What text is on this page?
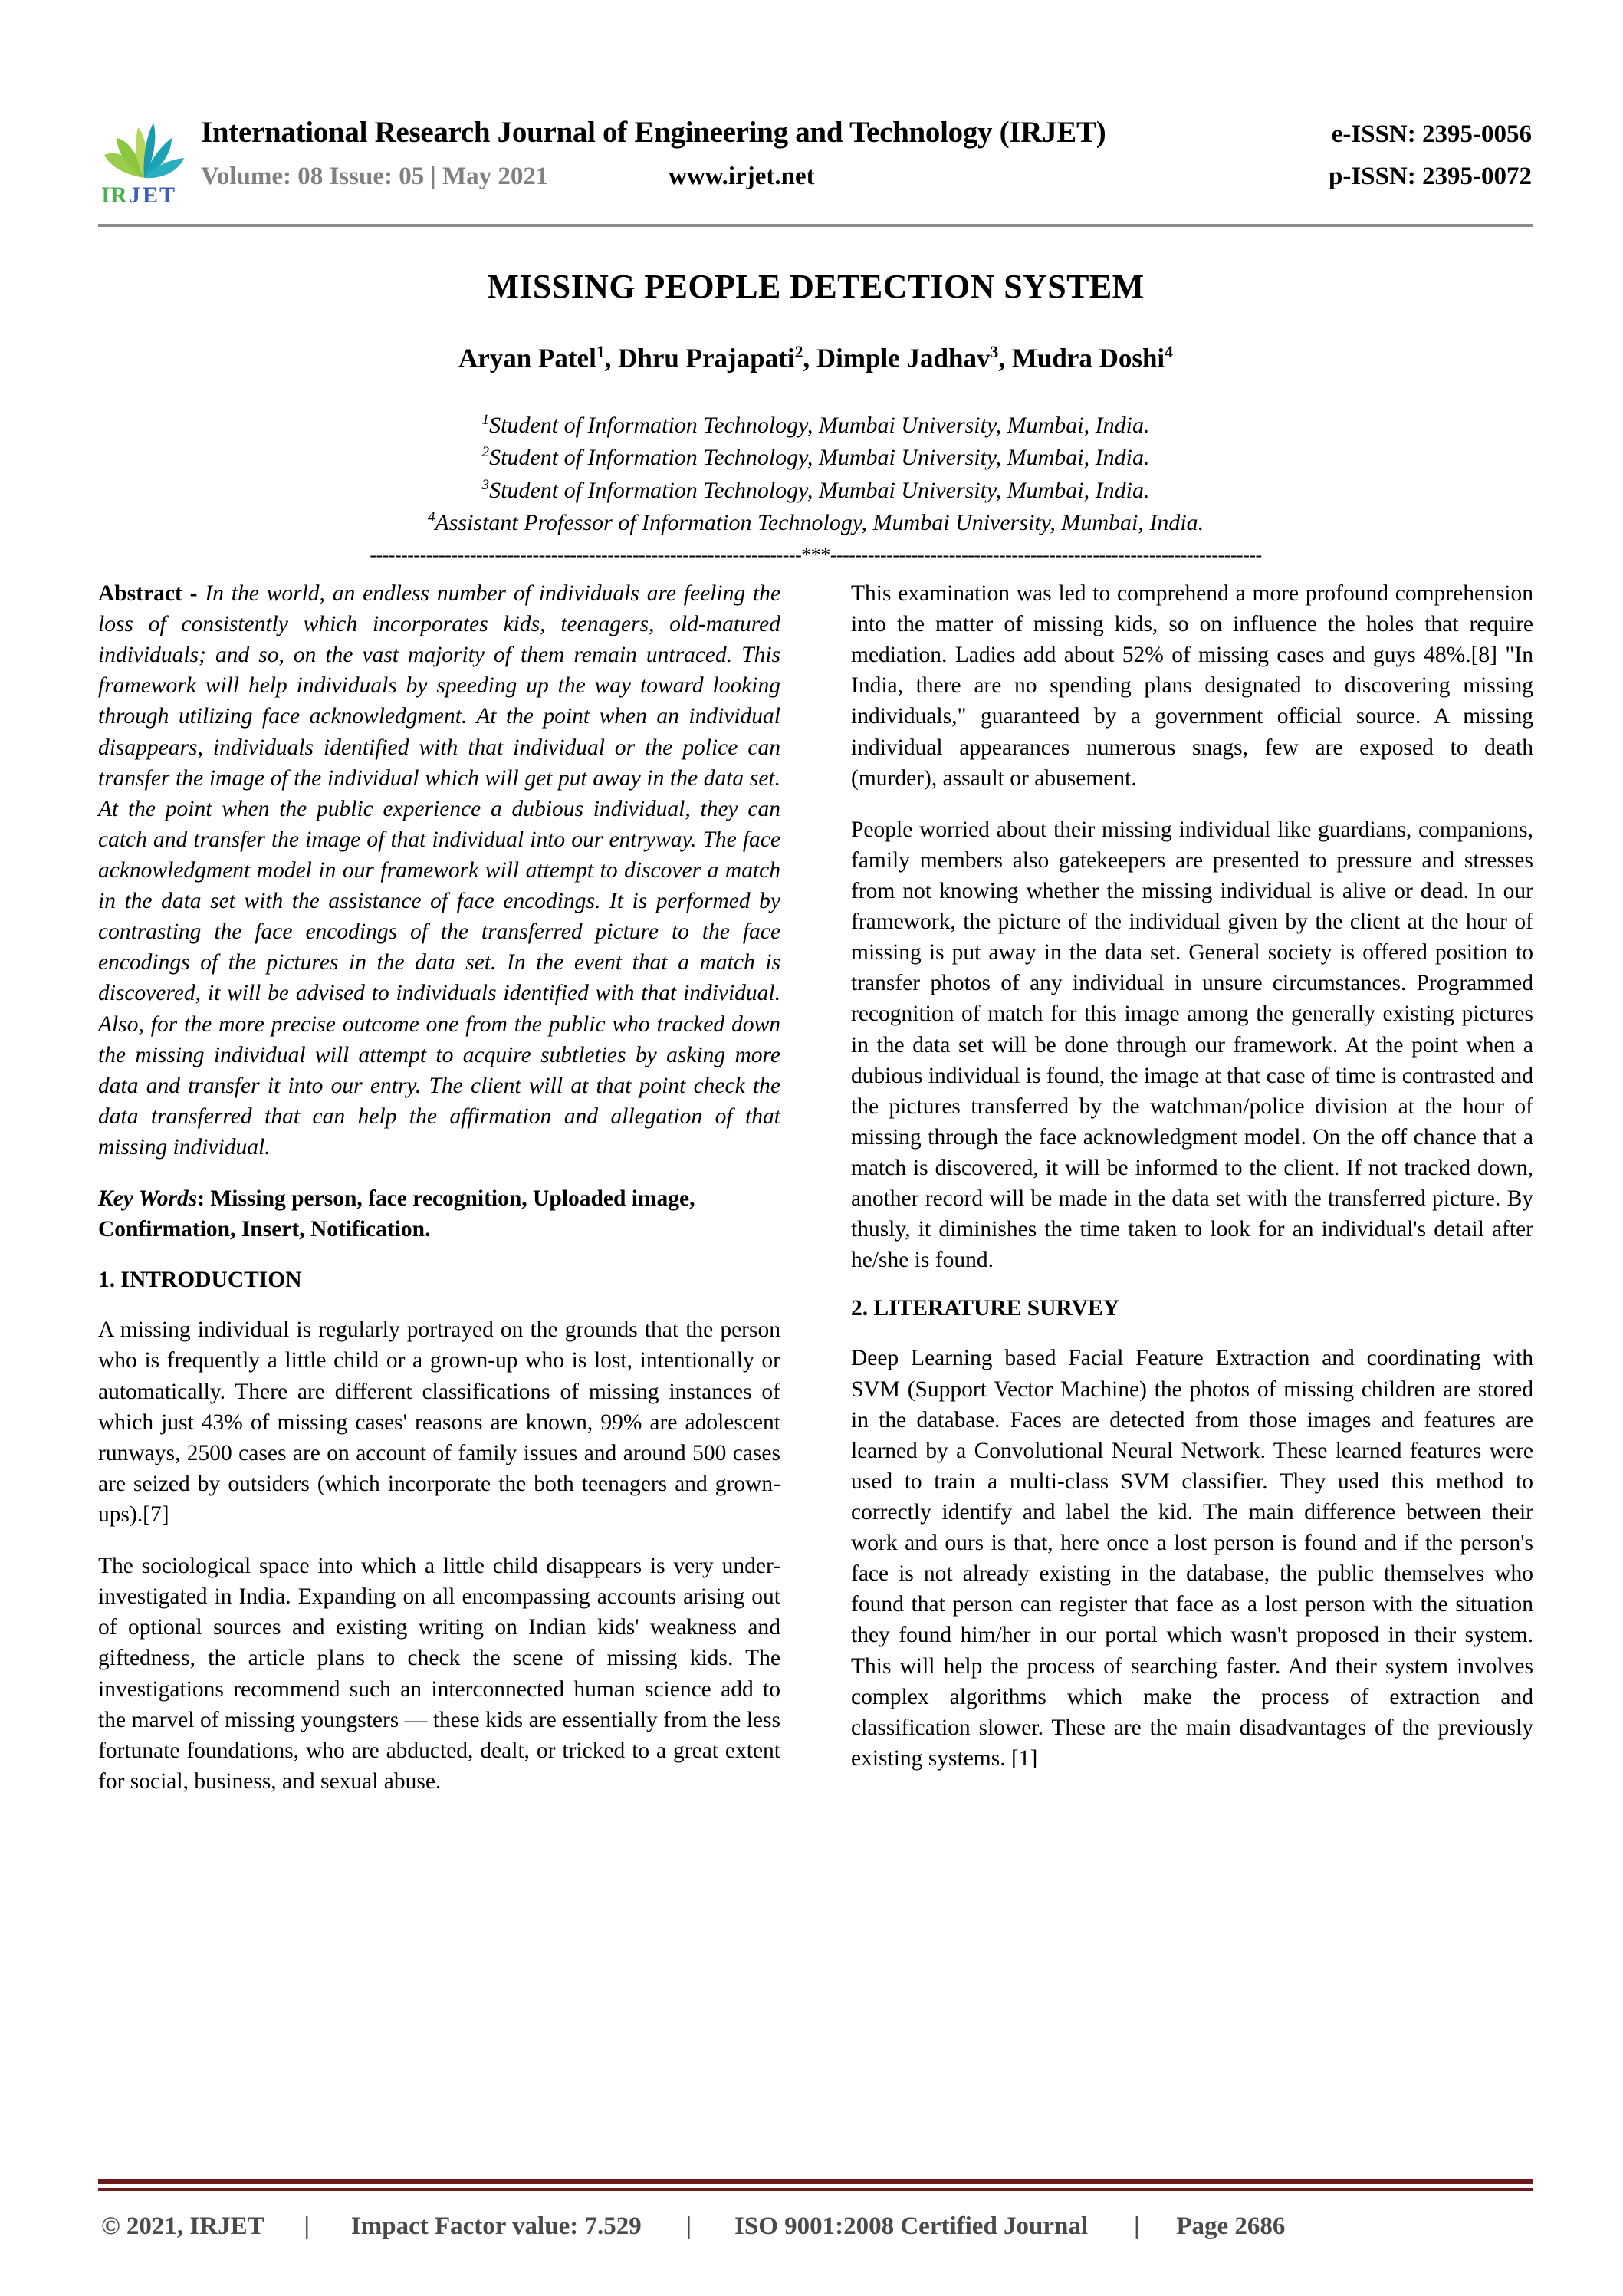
I R J E T
International Research Journal of Engineering and Technology (IRJET)	e-ISSN: 2395-0056
Volume: 08 Issue: 05 | May 2021	www.irjet.net	p-ISSN: 2395-0072
MISSING PEOPLE DETECTION SYSTEM
Aryan Patel$^1$, Dhru Prajapati$^2$, Dimple Jadhav$^3$, Mudra Doshi$^4$
$^1$Student of Information Technology, Mumbai University, Mumbai, India.
$^2$Student of Information Technology, Mumbai University, Mumbai, India.
$^3$Student of Information Technology, Mumbai University, Mumbai, India.
$^4$Assistant Professor of Information Technology, Mumbai University, Mumbai, India.
---------------------------------------------------------------------***---------------------------------------------------------------------

Abstract - In the world, an endless number of individuals are feeling the loss of consistently which incorporates kids, teenagers, old-matured individuals; and so, on the vast majority of them remain untraced. This framework will help individuals by speeding up the way toward looking through utilizing face acknowledgment. At the point when an individual disappears, individuals identified with that individual or the police can transfer the image of the individual which will get put away in the data set. At the point when the public experience a dubious individual, they can catch and transfer the image of that individual into our entryway. The face acknowledgment model in our framework will attempt to discover a match in the data set with the assistance of face encodings. It is performed by contrasting the face encodings of the transferred picture to the face encodings of the pictures in the data set. In the event that a match is discovered, it will be advised to individuals identified with that individual. Also, for the more precise outcome one from the public who tracked down the missing individual will attempt to acquire subtleties by asking more data and transfer it into our entry. The client will at that point check the data transferred that can help the affirmation and allegation of that missing individual.

Key Words: Missing person, face recognition, Uploaded image, Confirmation, Insert, Notification.

1. INTRODUCTION

A missing individual is regularly portrayed on the grounds that the person who is frequently a little child or a grown-up who is lost, intentionally or automatically. There are different classifications of missing instances of which just 43% of missing cases' reasons are known, 99% are adolescent runways, 2500 cases are on account of family issues and around 500 cases are seized by outsiders (which incorporate the both teenagers and grown-ups).[7]

The sociological space into which a little child disappears is very under-investigated in India. Expanding on all encompassing accounts arising out of optional sources and existing writing on Indian kids' weakness and giftedness, the article plans to check the scene of missing kids. The investigations recommend such an interconnected human science add to the marvel of missing youngsters — these kids are essentially from the less fortunate foundations, who are abducted, dealt, or tricked to a great extent for social, business, and sexual abuse.

This examination was led to comprehend a more profound comprehension into the matter of missing kids, so on influence the holes that require mediation. Ladies add about 52% of missing cases and guys 48%.[8] "In India, there are no spending plans designated to discovering missing individuals," guaranteed by a government official source. A missing individual appearances numerous snags, few are exposed to death (murder), assault or abusement.

People worried about their missing individual like guardians, companions, family members also gatekeepers are presented to pressure and stresses from not knowing whether the missing individual is alive or dead. In our framework, the picture of the individual given by the client at the hour of missing is put away in the data set. General society is offered position to transfer photos of any individual in unsure circumstances. Programmed recognition of match for this image among the generally existing pictures in the data set will be done through our framework. At the point when a dubious individual is found, the image at that case of time is contrasted and the pictures transferred by the watchman/police division at the hour of missing through the face acknowledgment model. On the off chance that a match is discovered, it will be informed to the client. If not tracked down, another record will be made in the data set with the transferred picture. By thusly, it diminishes the time taken to look for an individual's detail after he/she is found.

2. LITERATURE SURVEY

Deep Learning based Facial Feature Extraction and coordinating with SVM (Support Vector Machine) the photos of missing children are stored in the database. Faces are detected from those images and features are learned by a Convolutional Neural Network. These learned features were used to train a multi-class SVM classifier. They used this method to correctly identify and label the kid. The main difference between their work and ours is that, here once a lost person is found and if the person's face is not already existing in the database, the public themselves who found that person can register that face as a lost person with the situation they found him/her in our portal which wasn't proposed in their system. This will help the process of searching faster. And their system involves complex algorithms which make the process of extraction and classification slower. These are the main disadvantages of the previously existing systems. [1]

© 2021, IRJET | Impact Factor value: 7.529 | ISO 9001:2008 Certified Journal | Page 2686
